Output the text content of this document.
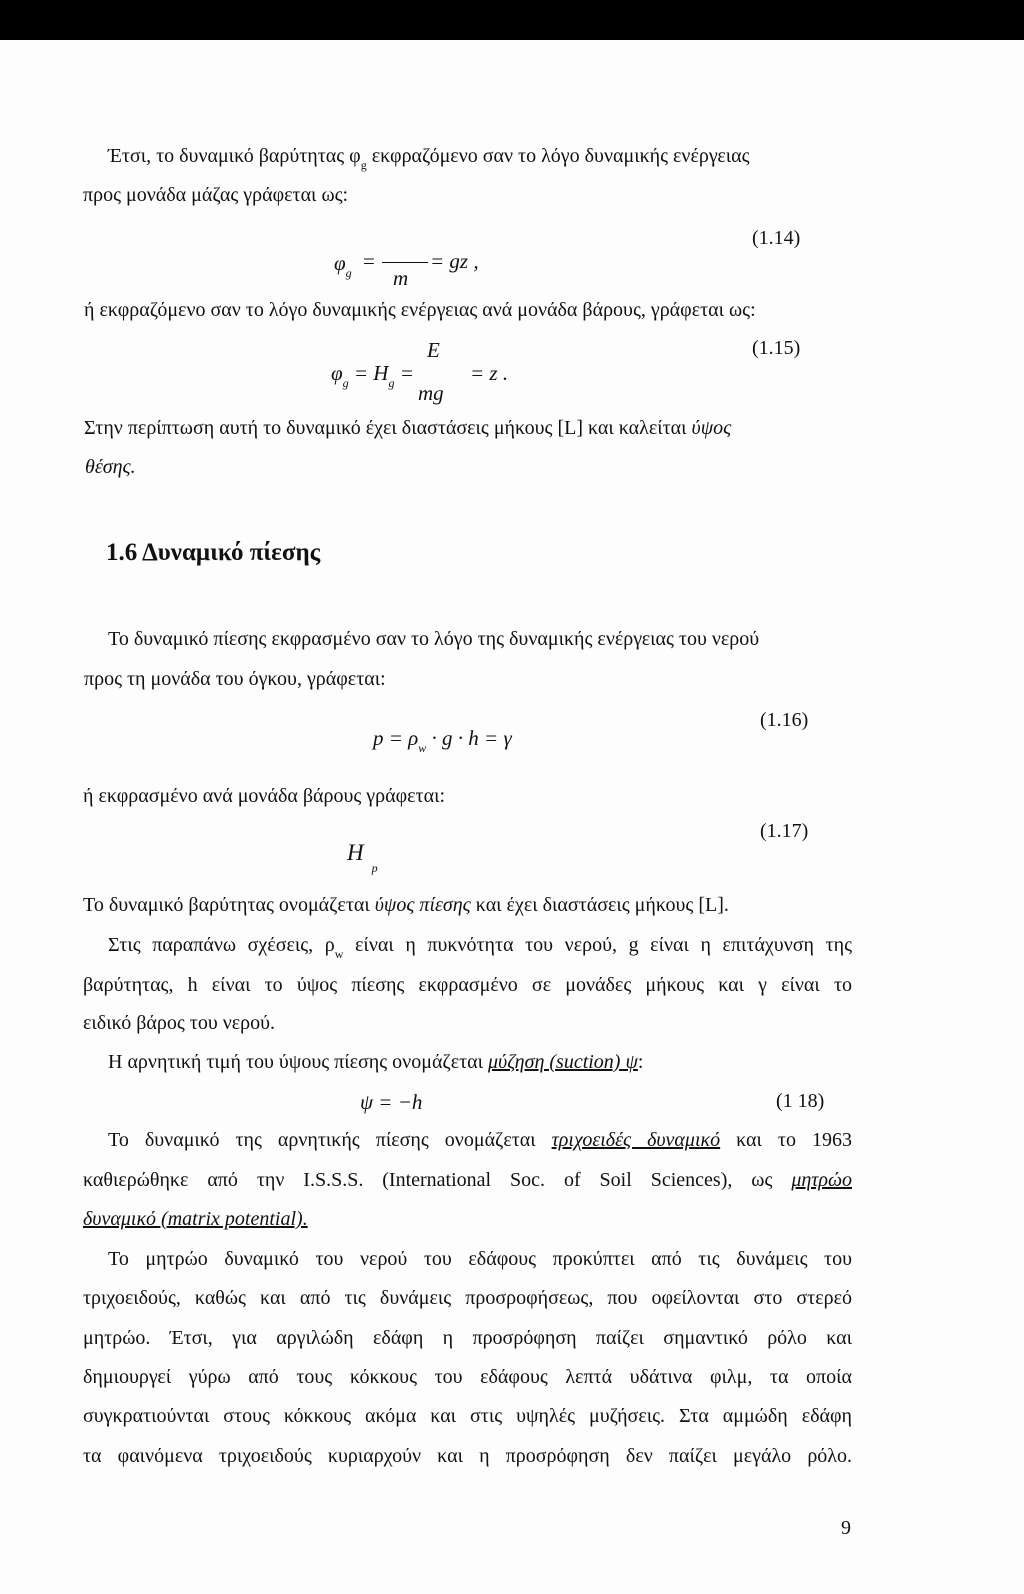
Έτσι, το δυναμικό βαρύτητας $\varphi_g$ εκφραζόμενο σαν το λόγο δυναμικής ενέργειας
προς μονάδα μάζας γράφεται ως:
$\varphi_g$ =
m
= gz ,
(1.14)
ή εκφραζόμενο σαν το λόγο δυναμικής ενέργειας ανά μονάδα βάρους, γράφεται ως:
E
$\varphi_g = H_g$ =	= z .
mg
(1.15)
Στην περίπτωση αυτή το δυναμικό έχει διαστάσεις μήκους [L] και καλείται ύψος
θέσης.
1.6 Δυναμικό πίεσης
Το δυναμικό πίεσης εκφρασμένο σαν το λόγο της δυναμικής ενέργειας του νερού
προς τη μονάδα του όγκου, γράφεται:
$p = \rho_w \cdot g \cdot h = \gamma$
(1.16)
ή εκφρασμένο ανά μονάδα βάρους γράφεται:
$H_p$
(1.17)
Το δυναμικό βαρύτητας ονομάζεται ύψος πίεσης και έχει διαστάσεις μήκους [L].
Στις παραπάνω σχέσεις, $\rho_w$ είναι η πυκνότητα του νερού, g είναι η επιτάχυνση της
βαρύτητας, h είναι το ύψος πίεσης εκφρασμένο σε μονάδες μήκους και γ είναι το
ειδικό βάρος του νερού.
Η αρνητική τιμή του ύψους πίεσης ονομάζεται μύζηση (suction) ψ:
ψ = −h	(1 18)
Το δυναμικό της αρνητικής πίεσης ονομάζεται τριχοειδές δυναμικό και το 1963
καθιερώθηκε από την I.S.S.S. (International Soc. of Soil Sciences), ως μητρώο
δυναμικό (matrix potential).
Το μητρώο δυναμικό του νερού του εδάφους προκύπτει από τις δυνάμεις του
τριχοειδούς, καθώς και από τις δυνάμεις προσροφήσεως, που οφείλονται στο στερεό
μητρώο. Έτσι, για αργιλώδη εδάφη η προσρόφηση παίζει σημαντικό ρόλο και
δημιουργεί γύρω από τους κόκκους του εδάφους λεπτά υδάτινα φιλμ, τα οποία
συγκρατιούνται στους κόκκους ακόμα και στις υψηλές μυζήσεις. Στα αμμώδη εδάφη
τα φαινόμενα τριχοειδούς κυριαρχούν και η προσρόφηση δεν παίζει μεγάλο ρόλο.
9
